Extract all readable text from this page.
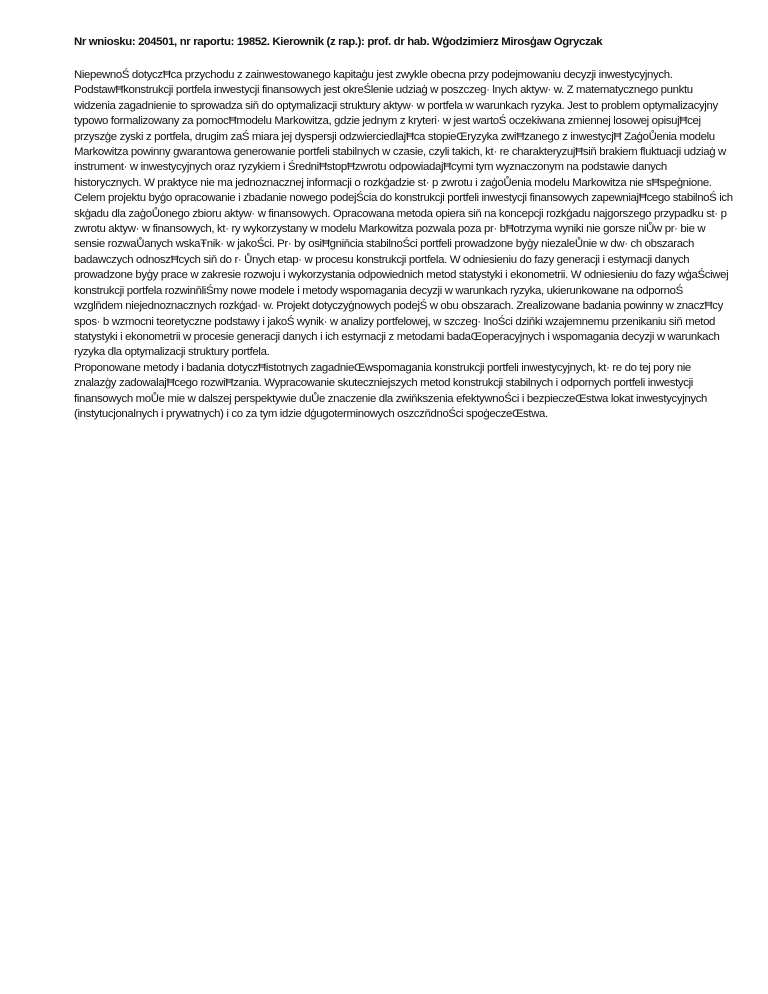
Nr wniosku: 204501, nr raportu: 19852. Kierownik (z rap.): prof. dr hab. Wģodzimierz Mirosģaw Ogryczak

NiepewnoŚ dotyczĦca przychodu z zainwestowanego kapitaģu jest zwykle obecna przy podejmowaniu decyzji inwestycyjnych. PodstawĦkonstrukcji portfela inwestycji finansowych jest okreŚlenie udziaģ w poszczeg· lnych aktyw· w. Z matematycznego punktu widzenia zagadnienie to sprowadza siň do optymalizacji struktury aktyw· w portfela w warunkach ryzyka. Jest to problem optymalizacyjny typowo formalizowany za pomocĦmodelu Markowitza, gdzie jednym z kryteri· w jest wartoŚ oczekiwana zmiennej losowej opisujĦcej przyszģe zyski z portfela, drugim zaŚ miara jej dyspersji odzwierciedlajĦca stopieŒryzyka zwiĦzanego z inwestycjĦ ZaģoŮenia modelu Markowitza powinny gwarantowa generowanie portfeli stabilnych w czasie, czyli takich, kt· re charakteryzujĦsiň brakiem fluktuacji udziaģ w instrument· w inwestycyjnych oraz ryzykiem i ŚredniĦstopĦzwrotu odpowiadajĦcymi tym wyznaczonym na podstawie danych historycznych. W praktyce nie ma jednoznacznej informacji o rozkģadzie st· p zwrotu i zaģoŮenia modelu Markowitza nie sĦspeģnione.

Celem projektu byģo opracowanie i zbadanie nowego podejŚcia do konstrukcji portfeli inwestycji finansowych zapewniajĦcego stabilnoŚ ich skģadu dla zaģoŮonego zbioru aktyw· w finansowych. Opracowana metoda opiera siň na koncepcji rozkģadu najgorszego przypadku st· p zwrotu aktyw· w finansowych, kt· ry wykorzystany w modelu Markowitza pozwala poza pr· bĦotrzyma wyniki nie gorsze niŮw pr· bie w sensie rozwaŮanych wskaŦnik· w jakoŚci. Pr· by osiĦgniňcia stabilnoŚci portfeli prowadzone byģy niezaleŮnie w dw· ch obszarach badawczych odnoszĦcych siň do r· Ůnych etap· w procesu konstrukcji portfela. W odniesieniu do fazy generacji i estymacji danych prowadzone byģy prace w zakresie rozwoju i wykorzystania odpowiednich metod statystyki i ekonometrii. W odniesieniu do fazy wģaŚciwej konstrukcji portfela rozwinňliŚmy nowe modele i metody wspomagania decyzji w warunkach ryzyka, ukierunkowane na odpornoŚ wzglňdem niejednoznacznych rozkģad· w. Projekt dotyczyģnowych podejŚ w obu obszarach. Zrealizowane badania powinny w znaczĦcy spos· b wzmocni teoretyczne podstawy i jakoŚ wynik· w analizy portfelowej, w szczeg· lnoŚci dziňki wzajemnemu przenikaniu siň metod statystyki i ekonometrii w procesie generacji danych i ich estymacji z metodami badaŒoperacyjnych i wspomagania decyzji w warunkach ryzyka dla optymalizacji struktury portfela.

Proponowane metody i badania dotyczĦistotnych zagadnieŒwspomagania konstrukcji portfeli inwestycyjnych, kt· re do tej pory nie znalazģy zadowalajĦcego rozwiĦzania. Wypracowanie skuteczniejszych metod konstrukcji stabilnych i odpornych portfeli inwestycji finansowych moŮe mie w dalszej perspektywie duŮe znaczenie dla zwiňkszenia efektywnoŚci i bezpieczeŒstwa lokat inwestycyjnych (instytucjonalnych i prywatnych) i co za tym idzie dģugoterminowych oszczňdnoŚci spoģeczeŒstwa.
